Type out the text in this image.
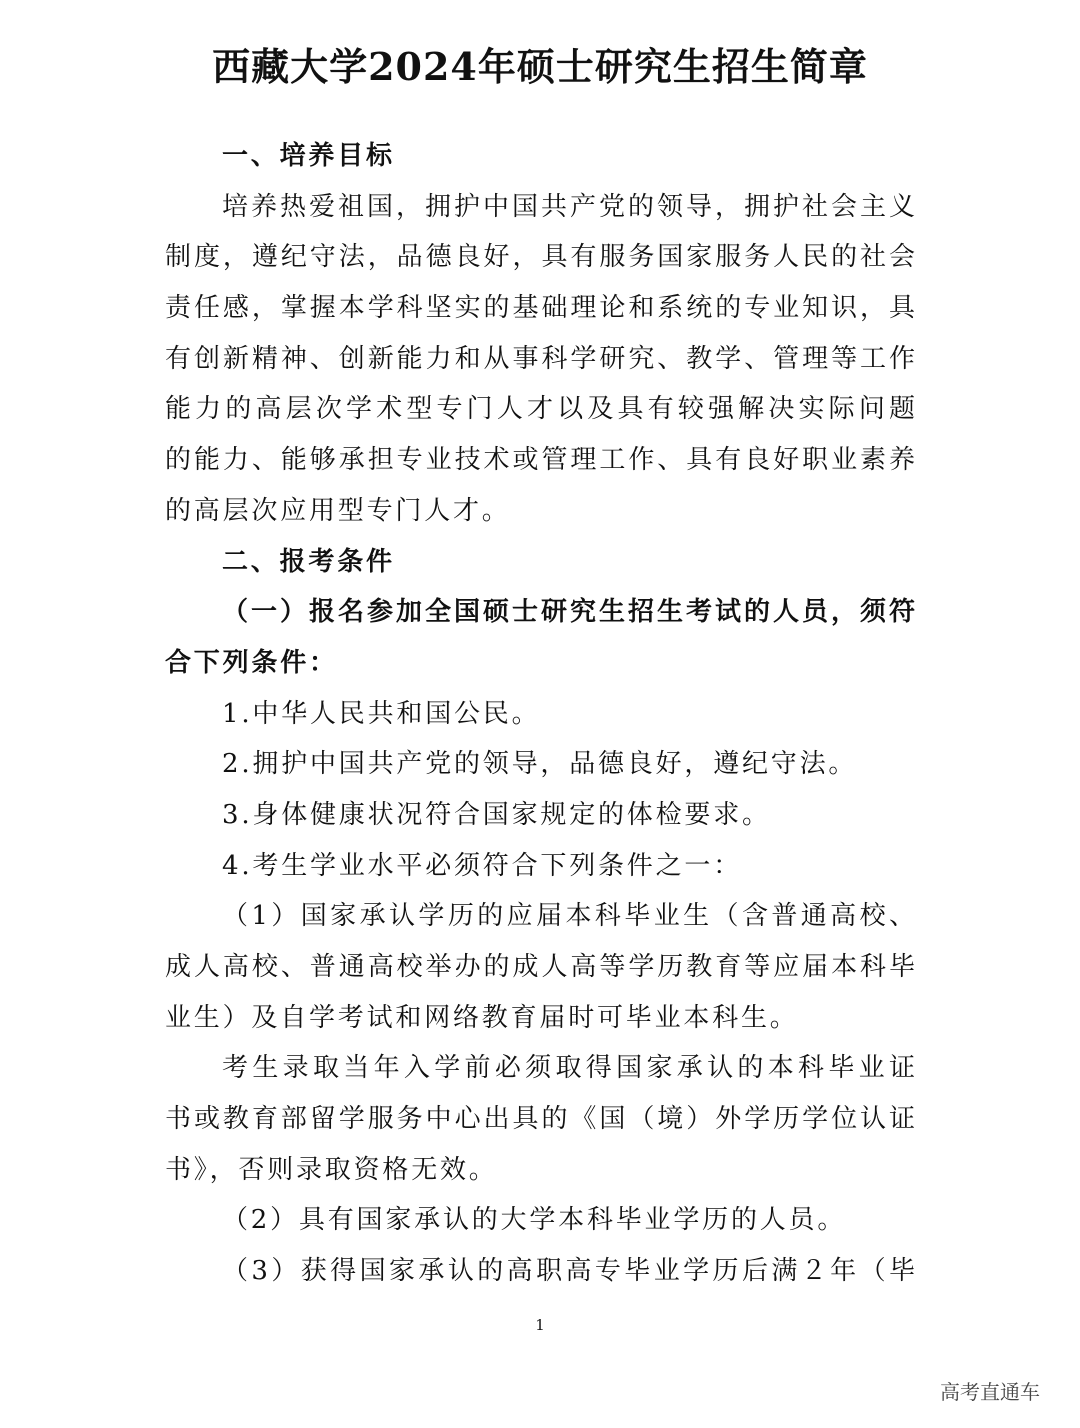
西藏大学2024年硕士研究生招生简章
一、培养目标
培养热爱祖国，拥护中国共产党的领导，拥护社会主义
制度，遵纪守法，品德良好，具有服务国家服务人民的社会
责任感，掌握本学科坚实的基础理论和系统的专业知识，具
有创新精神、创新能力和从事科学研究、教学、管理等工作
能力的高层次学术型专门人才以及具有较强解决实际问题
的能力、能够承担专业技术或管理工作、具有良好职业素养
的高层次应用型专门人才。
二、报考条件
（一）报名参加全国硕士研究生招生考试的人员，须符
合下列条件：
1.中华人民共和国公民。
2.拥护中国共产党的领导，品德良好，遵纪守法。
3.身体健康状况符合国家规定的体检要求。
4.考生学业水平必须符合下列条件之一：
（1）国家承认学历的应届本科毕业生（含普通高校、
成人高校、普通高校举办的成人高等学历教育等应届本科毕
业生）及自学考试和网络教育届时可毕业本科生。
考生录取当年入学前必须取得国家承认的本科毕业证
书或教育部留学服务中心出具的《国（境）外学历学位认证
书》，否则录取资格无效。
（2）具有国家承认的大学本科毕业学历的人员。
（3）获得国家承认的高职高专毕业学历后满２年（毕
1
高考直通车
